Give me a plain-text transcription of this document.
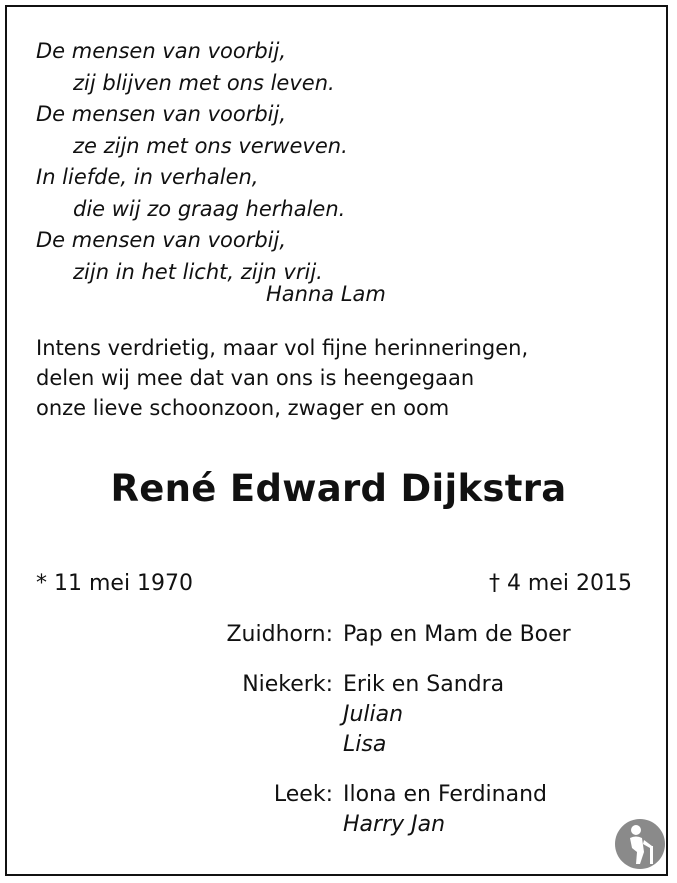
De mensen van voorbij,
zij blijven met ons leven.
De mensen van voorbij,
ze zijn met ons verweven.
In liefde, in verhalen,
die wij zo graag herhalen.
De mensen van voorbij,
zijn in het licht, zijn vrij.
Hanna Lam
Intens verdrietig, maar vol fijne herinneringen,
delen wij mee dat van ons is heengegaan
onze lieve schoonzoon, zwager en oom
René Edward Dijkstra
* 11 mei 1970	† 4 mei 2015
Zuidhorn: Pap en Mam de Boer
Niekerk: Erik en Sandra
Julian
Lisa
Leek: Ilona en Ferdinand
Harry Jan
